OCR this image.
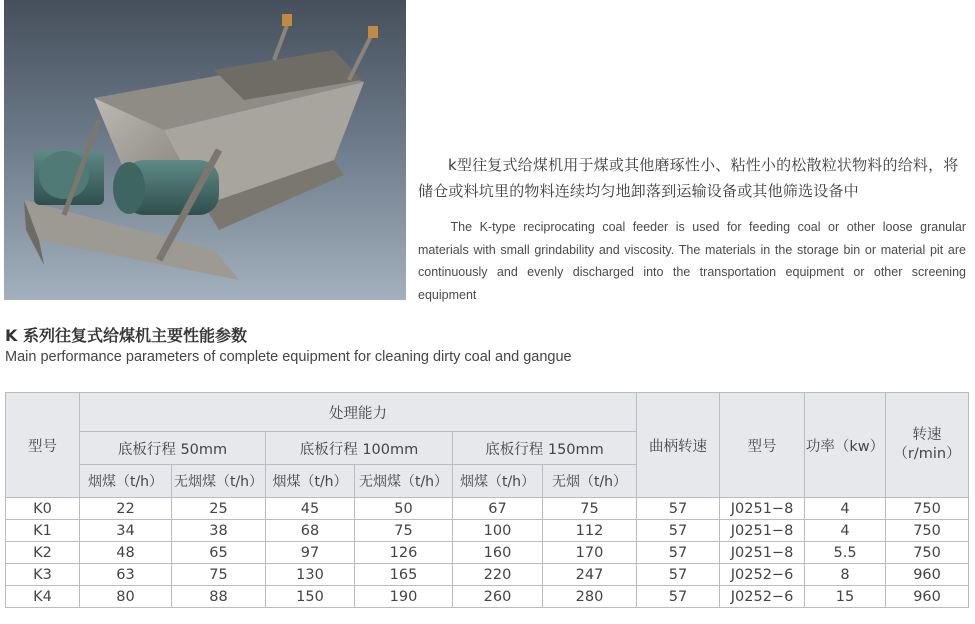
k型往复式给煤机用于煤或其他磨琢性小、粘性小的松散粒状物料的给料，将储仓或料坑里的物料连续均匀地卸落到运输设备或其他筛选设备中

The K-type reciprocating coal feeder is used for feeding coal or other loose granular materials with small grindability and viscosity. The materials in the storage bin or material pit are continuously and evenly discharged into the transportation equipment or other screening equipment

K 系列往复式给煤机主要性能参数

Main performance parameters of complete equipment for cleaning dirty coal and gangue

型号	处理能力						曲柄转速	型号	功率（kw）	转速（r/min）
	底板行程 50mm		底板行程 100mm		底板行程 150mm					
	烟煤（t/h）	无烟煤（t/h）	烟煤（t/h）	无烟煤（t/h）	烟煤（t/h）	无烟（t/h）				
K0	22	25	45	50	67	75	57	J0251−8	4	750
K1	34	38	68	75	100	112	57	J0251−8	4	750
K2	48	65	97	126	160	170	57	J0251−8	5.5	750
K3	63	75	130	165	220	247	57	J0252−6	8	960
K4	80	88	150	190	260	280	57	J0252−6	15	960
